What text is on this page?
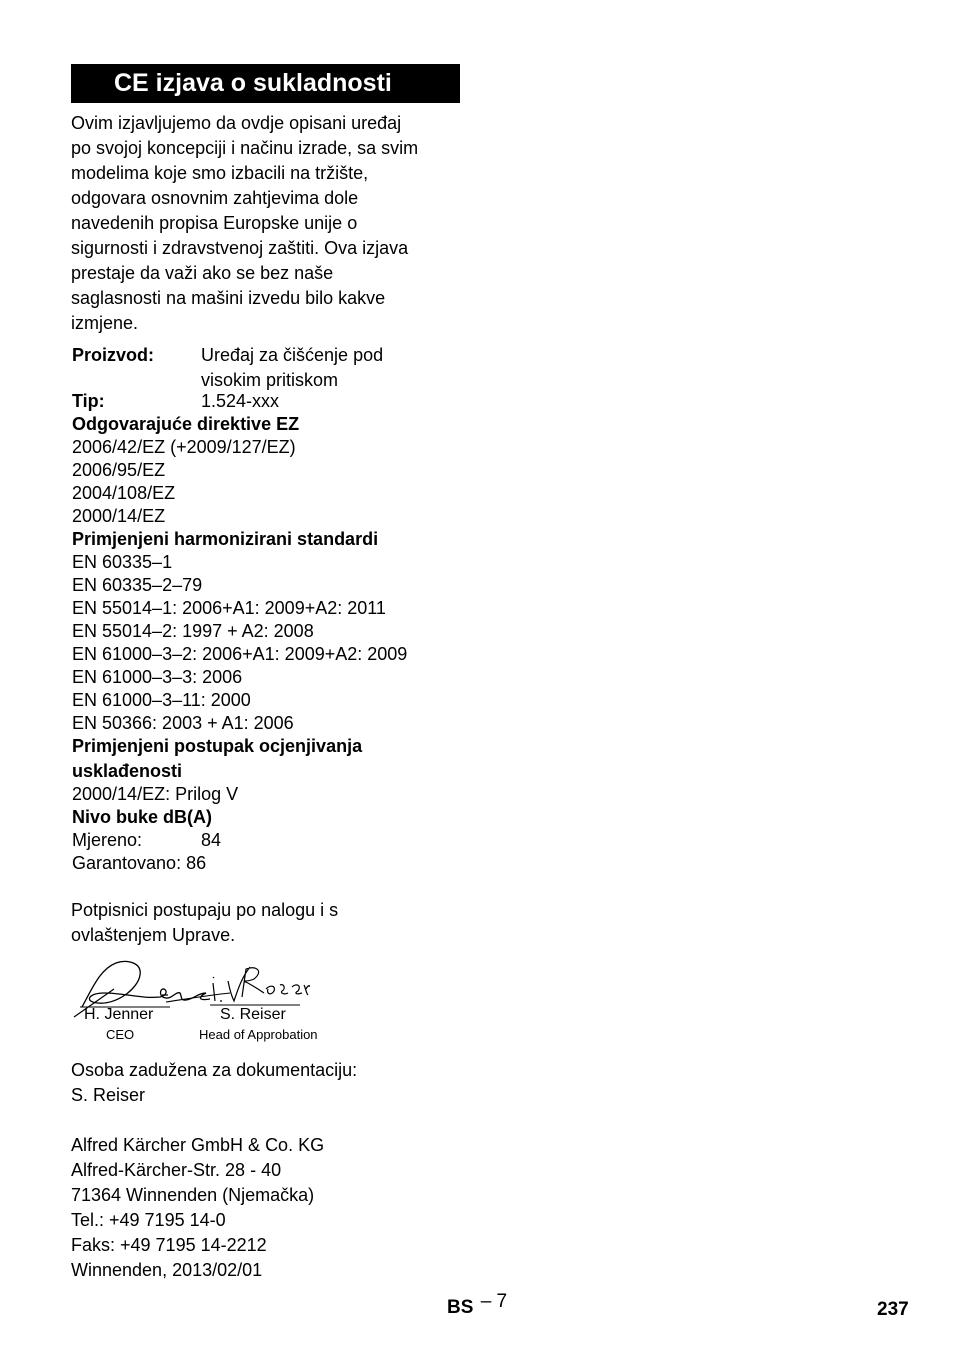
CE izjava o sukladnosti
Ovim izjavljujemo da ovdje opisani uređaj
po svojoj koncepciji i načinu izrade, sa svim
modelima koje smo izbacili na tržište,
odgovara osnovnim zahtjevima dole
navedenih propisa Europske unije o
sigurnosti i zdravstvenoj zaštiti. Ova izjava
prestaje da važi ako se bez naše
saglasnosti na mašini izvedu bilo kakve
izmjene.
Proizvod:	Uređaj za čišćenje pod
visokim pritiskom
Tip:	1.524-xxx
Odgovarajuće direktive EZ
2006/42/EZ (+2009/127/EZ)
2006/95/EZ
2004/108/EZ
2000/14/EZ
Primjenjeni harmonizirani standardi
EN 60335–1
EN 60335–2–79
EN 55014–1: 2006+A1: 2009+A2: 2011
EN 55014–2: 1997 + A2: 2008
EN 61000–3–2: 2006+A1: 2009+A2: 2009
EN 61000–3–3: 2006
EN 61000–3–11: 2000
EN 50366: 2003 + A1: 2006
Primjenjeni postupak ocjenjivanja
usklađenosti
2000/14/EZ: Prilog V
Nivo buke dB(A)
Mjereno:	84
Garantovano: 86
Potpisnici postupaju po nalogu i s
ovlaštenjem Uprave.
H. Jenner
CEO
S. Reiser
Head of Approbation
Osoba zadužena za dokumentaciju:
S. Reiser
Alfred Kärcher GmbH & Co. KG
Alfred-Kärcher-Str. 28 - 40
71364 Winnenden (Njemačka)
Tel.: +49 7195 14-0
Faks: +49 7195 14-2212
Winnenden, 2013/02/01
BS – 7	237
